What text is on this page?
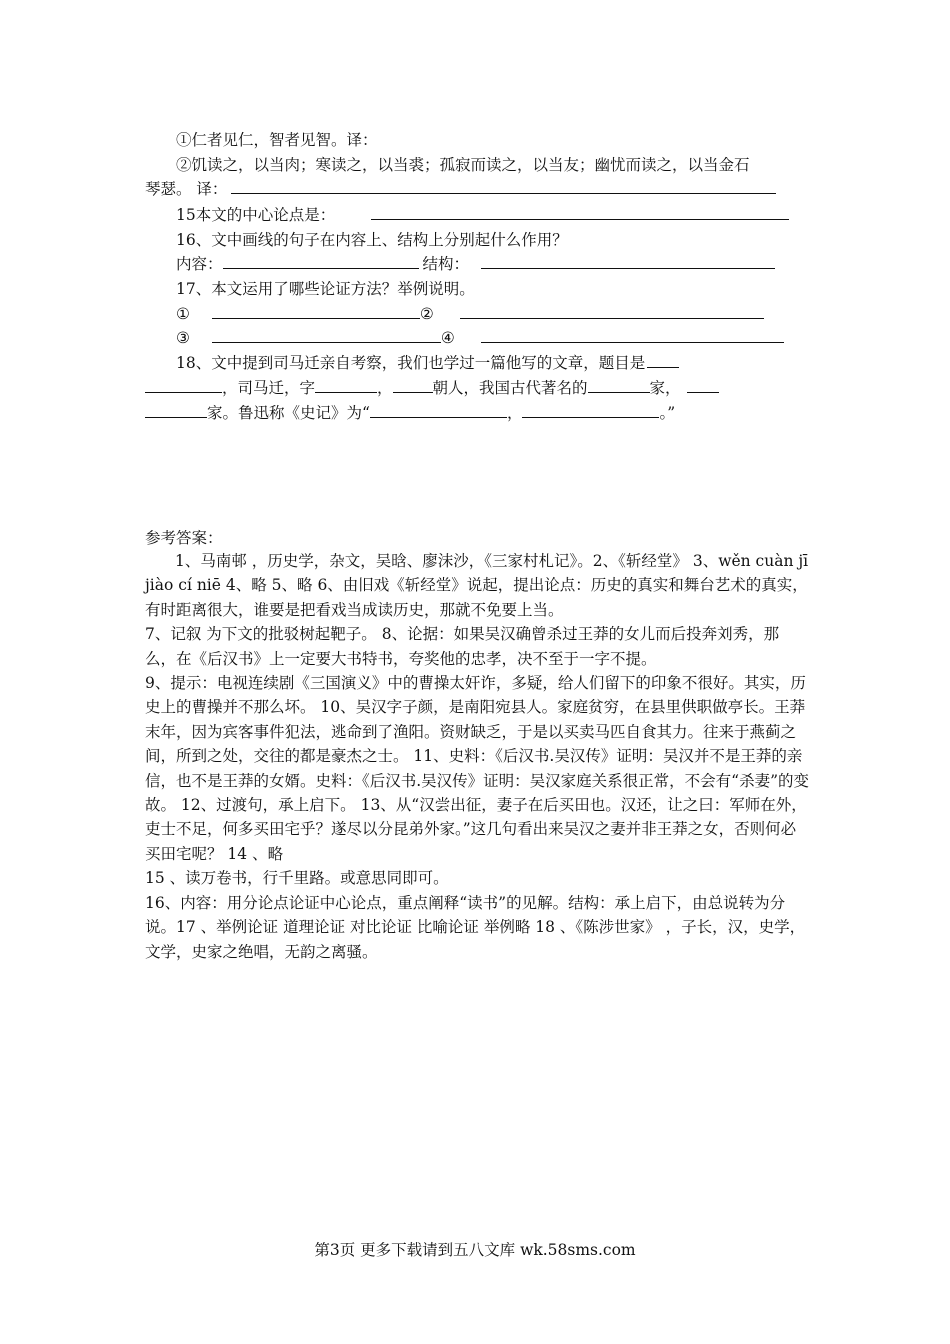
①仁者见仁，智者见智。译：
②饥读之，以当肉；寒读之，以当裘；孤寂而读之，以当友；幽忧而读之，以当金石
琴瑟。 译：
15本文的中心论点是：
16、文中画线的句子在内容上、结构上分别起什么作用？
内容：	结构：
17、本文运用了哪些论证方法？举例说明。
①	②
③	④
18、文中提到司马迁亲自考察，我们也学过一篇他写的文章，题目是
，司马迁，字	，	朝人，我国古代著名的	家，
家。鲁迅称《史记》为“	，	。”
参考答案：

1、马南邨 ，历史学，杂文，吴晗、廖沫沙，《三家村札记》。2、《斩经堂》 3、wěn cuàn jī jiào cí niē 4、略 5、略 6、由旧戏《斩经堂》说起，提出论点：历史的真实和舞台艺术的真实，有时距离很大，谁要是把看戏当成读历史，那就不免要上当。

7、记叙 为下文的批驳树起靶子。 8、论据：如果吴汉确曾杀过王莽的女儿而后投奔刘秀，那么，在《后汉书》上一定要大书特书，夸奖他的忠孝，决不至于一字不提。

9、提示：电视连续剧《三国演义》中的曹操太奸诈，多疑，给人们留下的印象不很好。其实，历史上的曹操并不那么坏。 10、吴汉字子颜，是南阳宛县人。家庭贫穷，在县里供职做亭长。王莽末年，因为宾客事件犯法，逃命到了渔阳。资财缺乏，于是以买卖马匹自食其力。往来于燕蓟之间，所到之处，交往的都是豪杰之士。 11、史料：《后汉书.吴汉传》证明：吴汉并不是王莽的亲信，也不是王莽的女婿。史料：《后汉书.吴汉传》证明：吴汉家庭关系很正常，不会有“杀妻”的变故。 12、过渡句，承上启下。 13、从“汉尝出征，妻子在后买田也。汉还，让之曰：军师在外，吏士不足，何多买田宅乎？遂尽以分昆弟外家。”这几句看出来吴汉之妻并非王莽之女，否则何必买田宅呢？ 14 、略

15 、读万卷书，行千里路。或意思同即可。

16、内容：用分论点论证中心论点，重点阐释“读书”的见解。结构：承上启下，由总说转为分说。17 、举例论证 道理论证 对比论证 比喻论证 举例略 18 、《陈涉世家》 ，子长，汉，史学，文学，史家之绝唱，无韵之离骚。

第3页 更多下载请到五八文库 wk.58sms.com
